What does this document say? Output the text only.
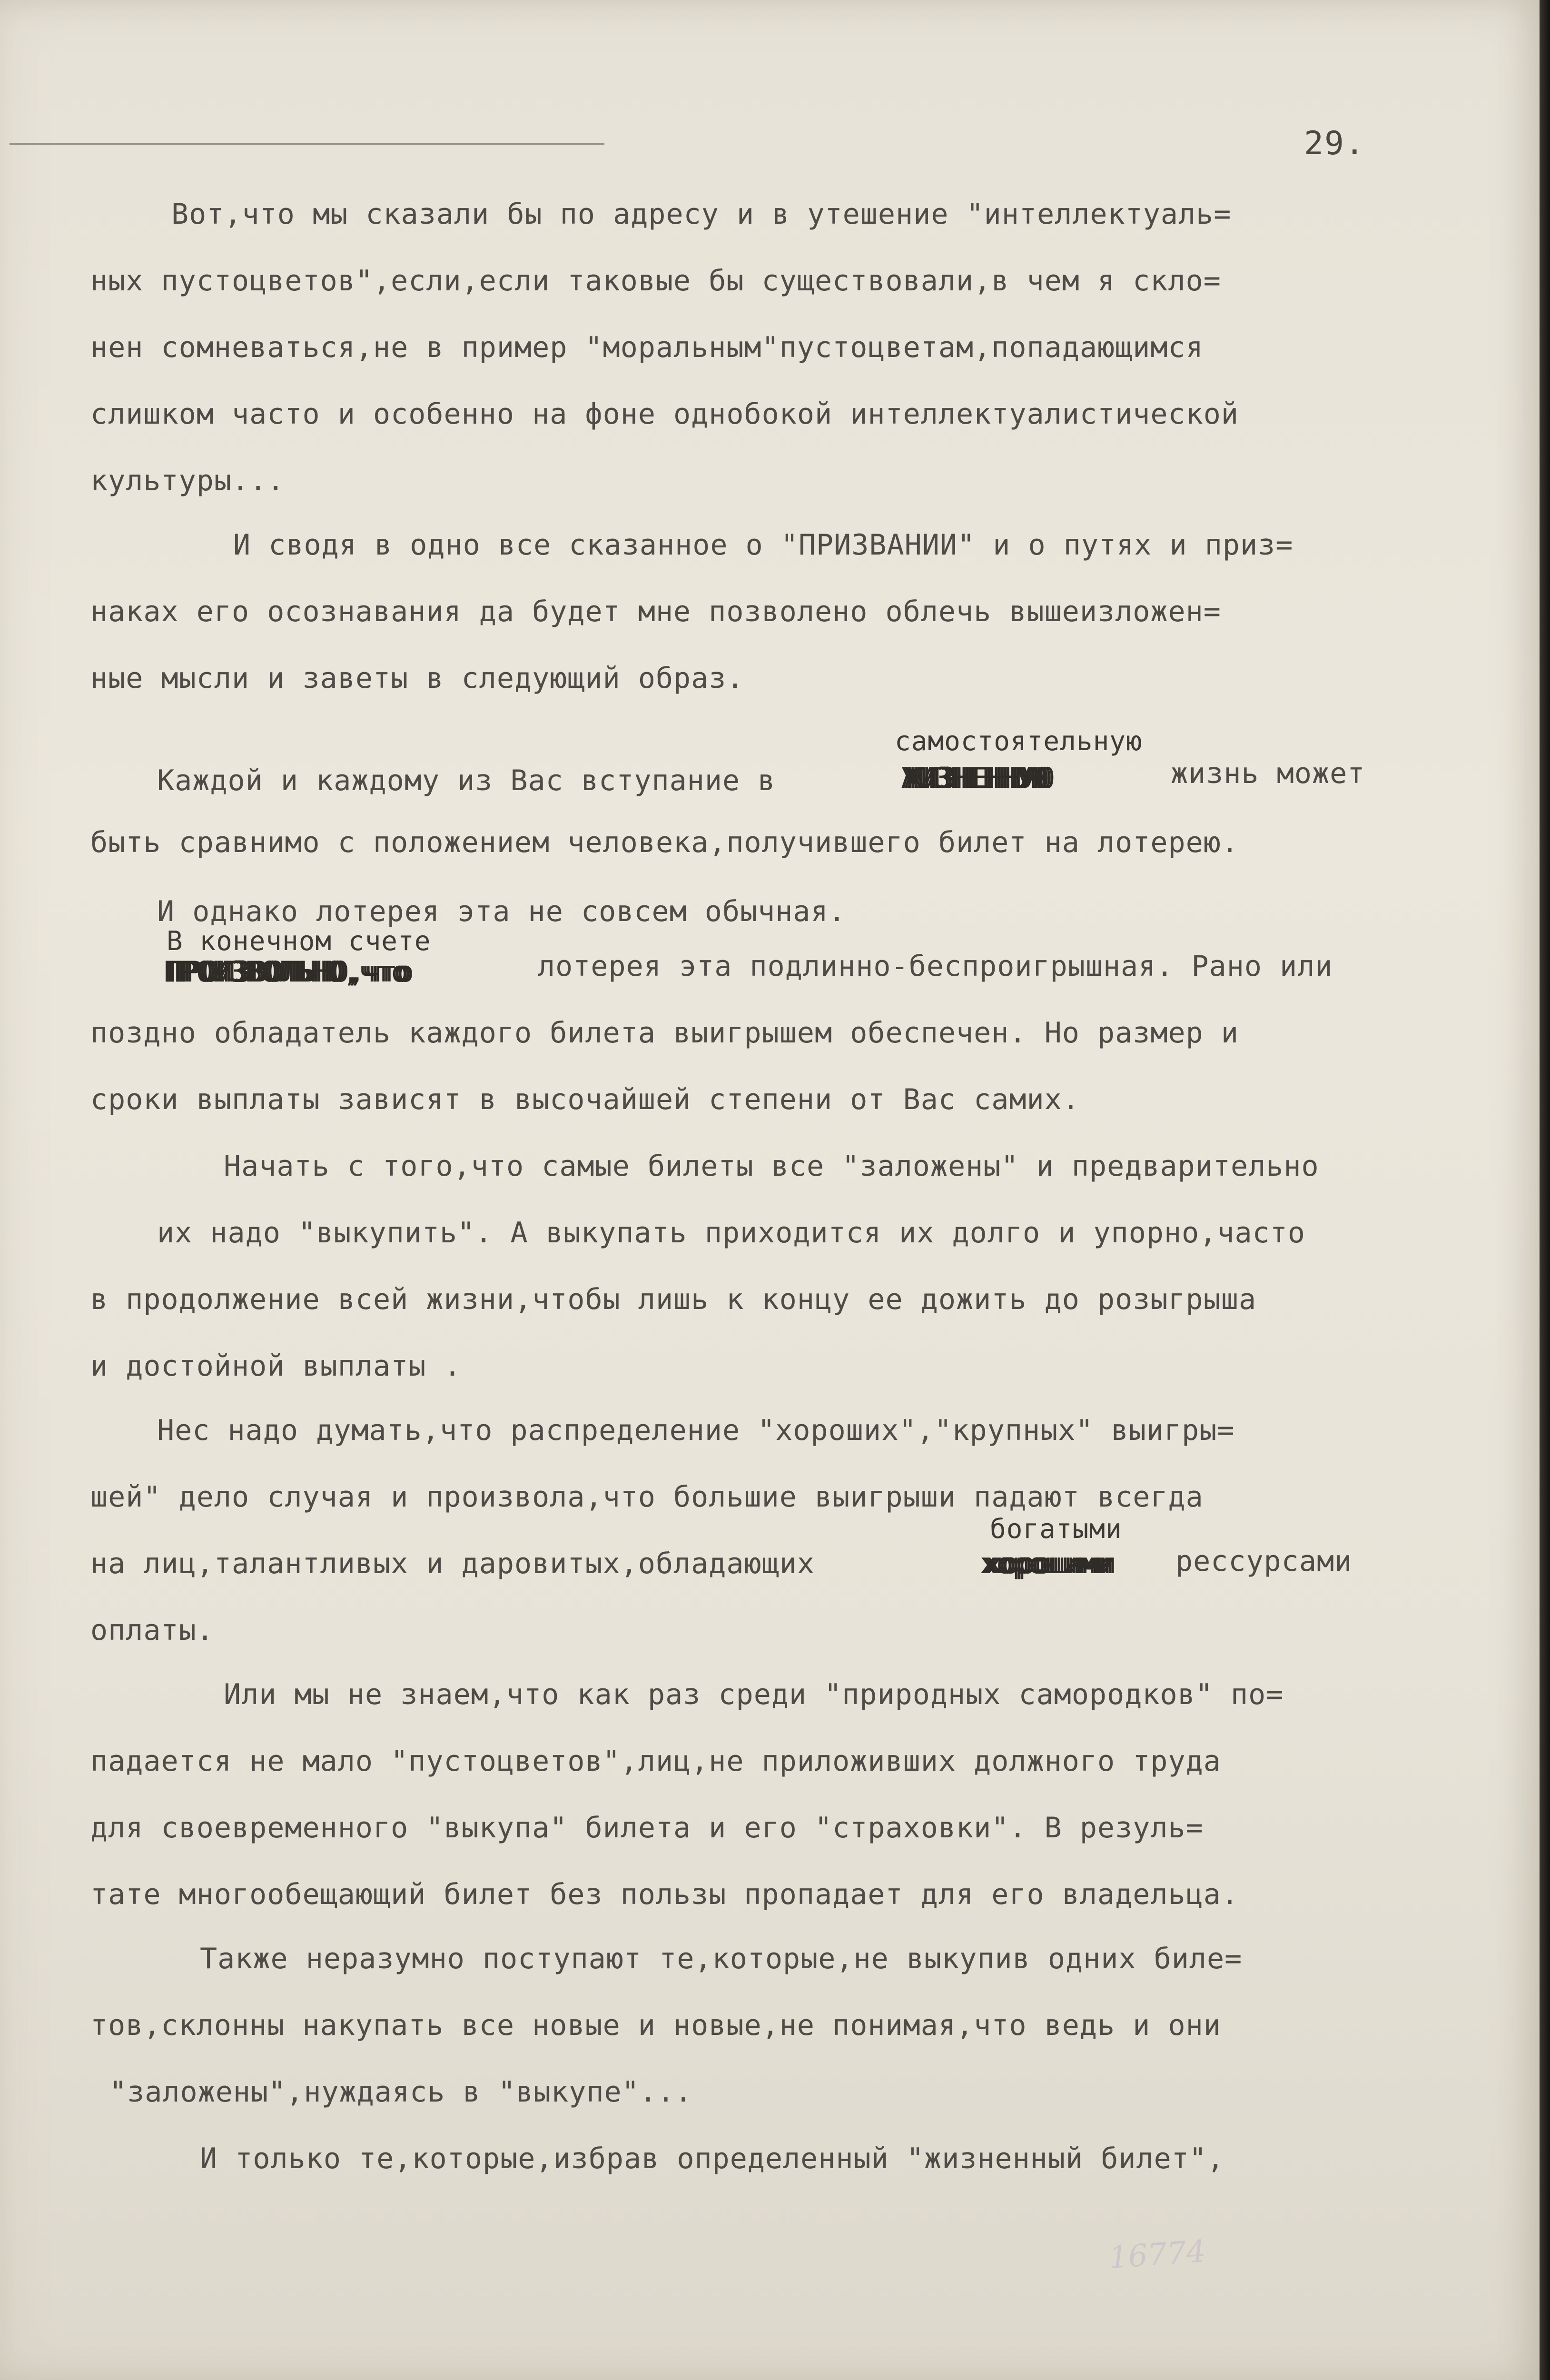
29.
Вот,что мы сказали бы по адресу и в утешение "интеллектуаль=
ных пустоцветов",если,если таковые бы существовали,в чем я скло=
нен сомневаться,не в пример "моральным"пустоцветам,попадающимся
слишком часто и особенно на фоне однобокой интеллектуалистической
культуры...
И сводя в одно все сказанное о "ПРИЗВАНИИ" и о путях и приз=
наках его осознавания да будет мне позволено облечь вышеизложен=
ные мысли и заветы в следующий образ.
Каждой и каждому из Вас вступание в	жизнь может
быть сравнимо с положением человека,получившего билет на лотерею.
И однако лотерея эта не совсем обычная.
лотерея эта подлинно-беспроигрышная. Рано или
поздно обладатель каждого билета выигрышем обеспечен. Но размер и
сроки выплаты зависят в высочайшей степени от Вас самих.
Начать с того,что самые билеты все "заложены" и предварительно
их надо "выкупить". А выкупать приходится их долго и упорно,часто
в продолжение всей жизни,чтобы лишь к концу ее дожить до розыгрыша
и достойной выплаты .
Нес надо думать,что распределение "хороших","крупных" выигры=
шей" дело случая и произвола,что большие выигрыши падают всегда
на лиц,талантливых и даровитых,обладающих	рессурсами
оплаты.
Или мы не знаем,что как раз среди "природных самородков" по=
падается не мало "пустоцветов",лиц,не приложивших должного труда
для своевременного "выкупа" билета и его "страховки". В резуль=
тате многообещающий билет без пользы пропадает для его владельца.
Также неразумно поступают те,которые,не выкупив одних биле=
тов,склонны накупать все новые и новые,не понимая,что ведь и они
"заложены",нуждаясь в "выкупе"...
И только те,которые,избрав определенный "жизненный билет",
самостоятельную
В конечном счете
богатыми
ЖИЗНЕННУЮ
ПРОИЗВОЛЬНО,что
хорошими
16774
